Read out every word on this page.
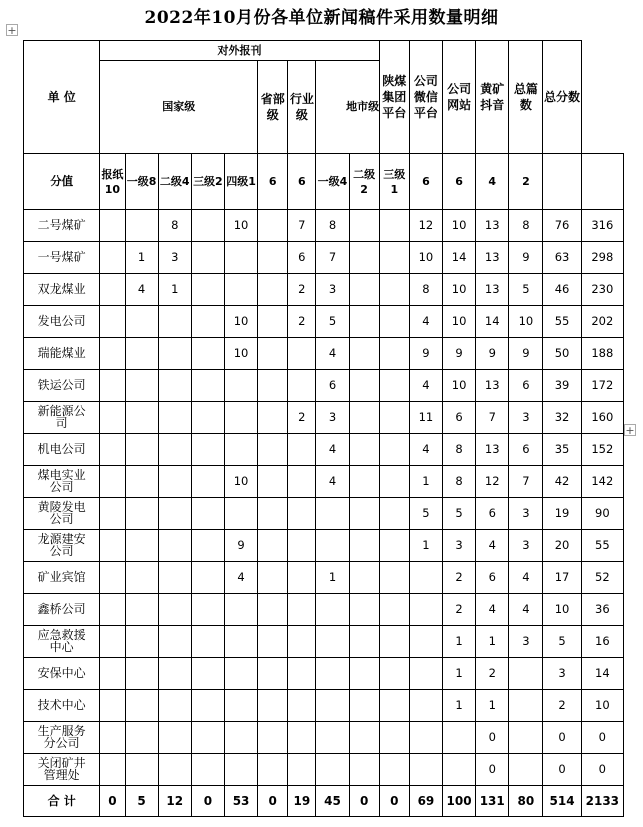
2022年10月份各单位新闻稿件采用数量明细
+
+
单 位	对外报刊									陕煤集团平台	公司微信平台	公司网站	黄矿抖音	总篇数	总分数	
	国家级					省部级	行业级	地市级								
分值	报纸10	一级8	二级4	三级2	四级1	6	6	一级4	二级2	三级1	6	6	4	2		
二号煤矿			8		10		7	8			12	10	13	8	76	316
一号煤矿		1	3				6	7			10	14	13	9	63	298
双龙煤业		4	1				2	3			8	10	13	5	46	230
发电公司					10		2	5			4	10	14	10	55	202
瑞能煤业					10			4			9	9	9	9	50	188
铁运公司								6			4	10	13	6	39	172
新能源公司							2	3			11	6	7	3	32	160
机电公司								4			4	8	13	6	35	152
煤电实业公司					10			4			1	8	12	7	42	142
黄陵发电公司											5	5	6	3	19	90
龙源建安公司					9						1	3	4	3	20	55
矿业宾馆					4			1				2	6	4	17	52
鑫桥公司												2	4	4	10	36
应急救援中心												1	1	3	5	16
安保中心												1	2		3	14
技术中心												1	1		2	10
生产服务分公司													0		0	0
关闭矿井管理处													0		0	0
合 计	0	5	12	0	53	0	19	45	0	0	69	100	131	80	514	2133
